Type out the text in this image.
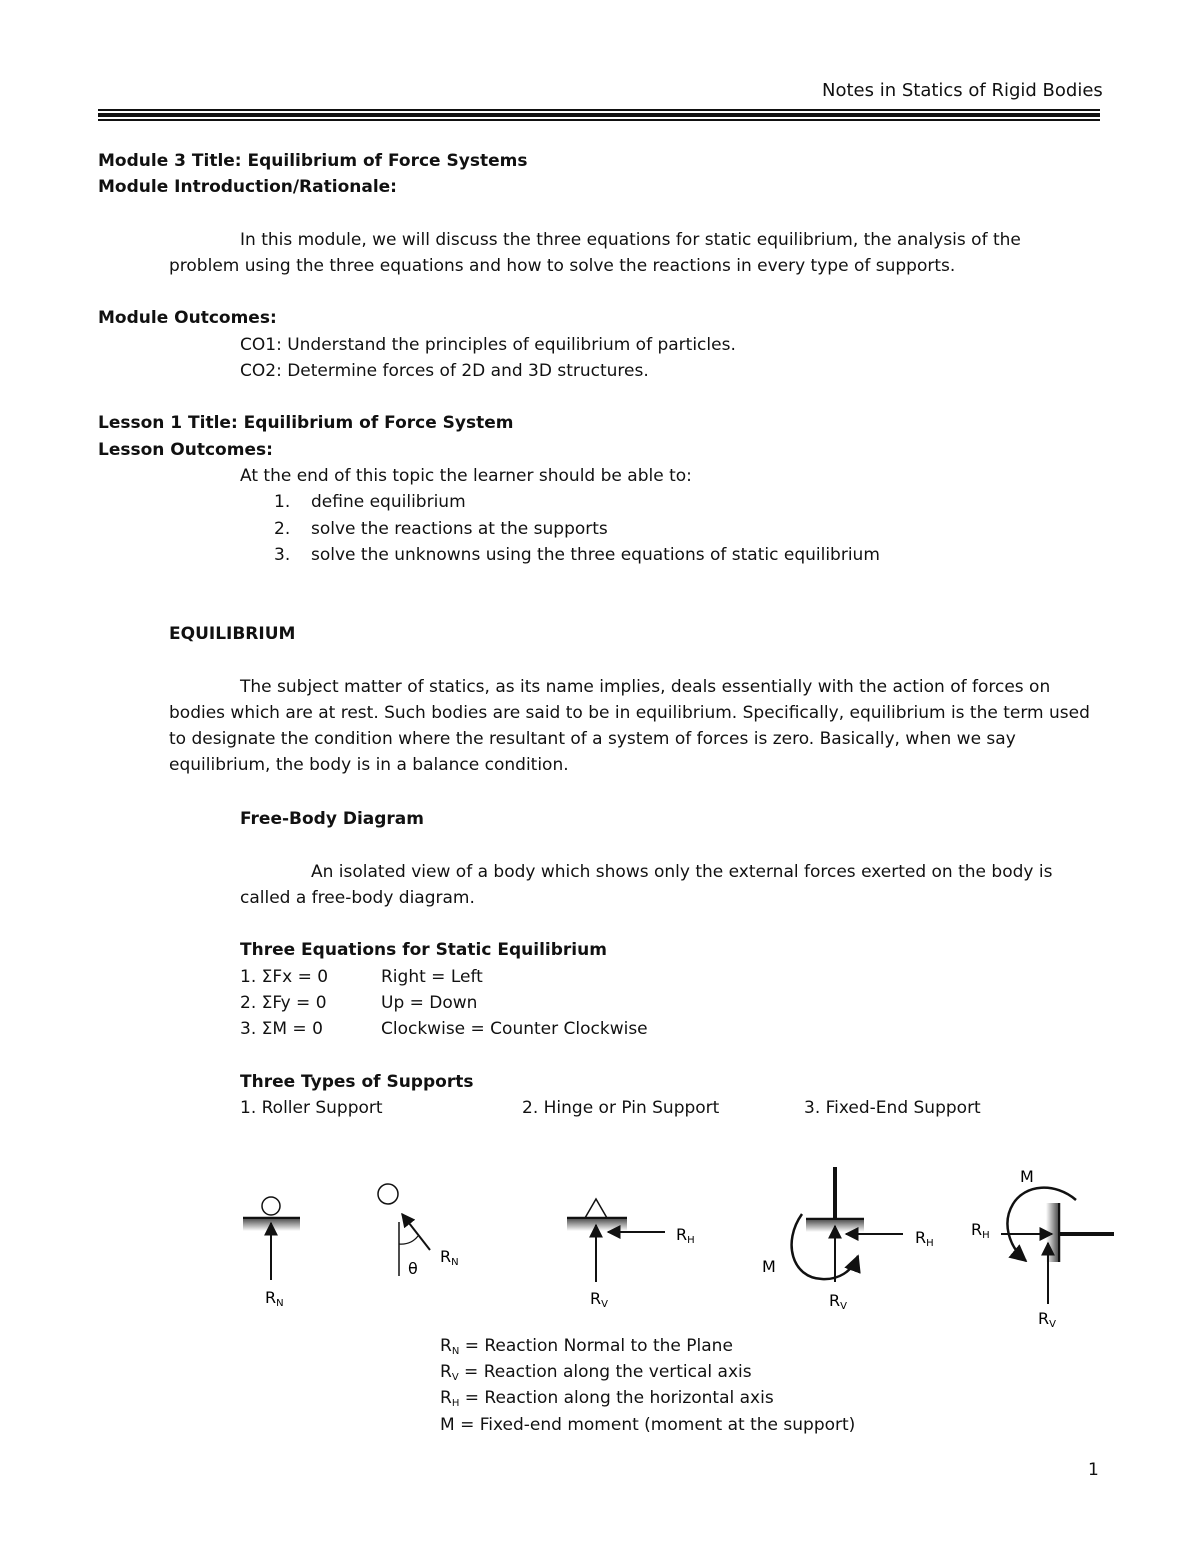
Notes in Statics of Rigid Bodies
Module 3 Title: Equilibrium of Force Systems
Module Introduction/Rationale:
In this module, we will discuss the three equations for static equilibrium, the analysis of the problem using the three equations and how to solve the reactions in every type of supports.
Module Outcomes:
CO1: Understand the principles of equilibrium of particles.
CO2: Determine forces of 2D and 3D structures.
Lesson 1 Title: Equilibrium of Force System
Lesson Outcomes:
At the end of this topic the learner should be able to:
1. define equilibrium
2. solve the reactions at the supports
3. solve the unknowns using the three equations of static equilibrium
EQUILIBRIUM
The subject matter of statics, as its name implies, deals essentially with the action of forces on bodies which are at rest. Such bodies are said to be in equilibrium. Specifically, equilibrium is the term used to designate the condition where the resultant of a system of forces is zero. Basically, when we say equilibrium, the body is in a balance condition.
Free-Body Diagram
An isolated view of a body which shows only the external forces exerted on the body is called a free-body diagram.
Three Equations for Static Equilibrium
1. ΣFx = 0	Right = Left
2. ΣFy = 0	Up = Down
3. ΣM = 0	Clockwise = Counter Clockwise
Three Types of Supports
1. Roller Support	2. Hinge or Pin Support	3. Fixed-End Support
RN
θ
RN
RH
RV
M
RH
RV
M
RH
RV
$R_N$ = Reaction Normal to the Plane
$R_V$ = Reaction along the vertical axis
$R_H$ = Reaction along the horizontal axis
M = Fixed-end moment (moment at the support)
1
